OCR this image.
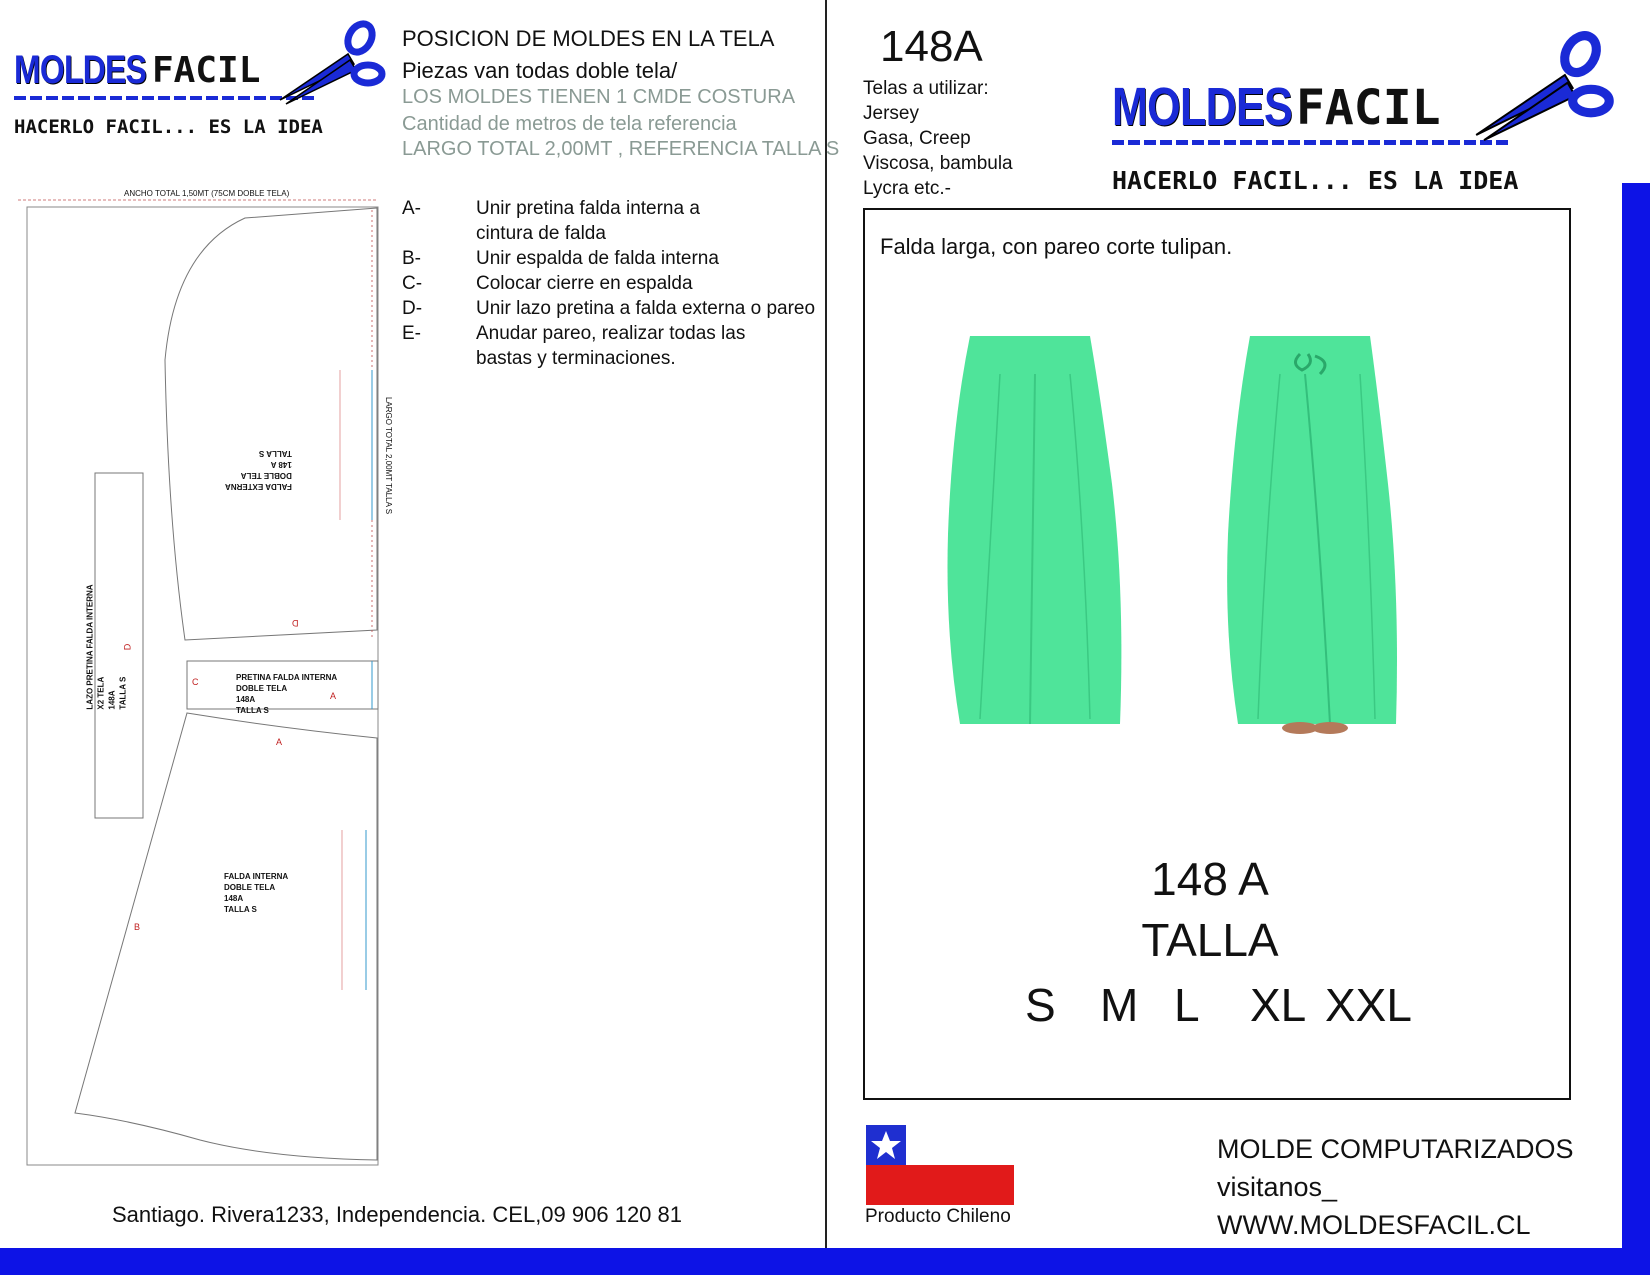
MOLDES FACIL
HACERLO FACIL... ES LA IDEA
POSICION DE MOLDES EN LA TELA
Piezas van todas doble tela/
LOS MOLDES TIENEN 1 CMDE COSTURA
Cantidad de metros de tela referencia
LARGO TOTAL 2,00MT , REFERENCIA TALLA S
A-	Unir pretina falda interna a
cintura de falda
B-	Unir espalda de falda interna
C-	Colocar cierre en espalda
D-	Unir lazo pretina a falda externa o pareo
E-	Anudar pareo, realizar todas las
bastas y terminaciones.
ANCHO TOTAL 1,50MT (75CM DOBLE TELA)
LARGO TOTAL 2,00MT TALLA S
FALDA EXTERNA
DOBLE TELA
148 A
TALLA S
LAZO PRETINA FALDA INTERNA X2 TELA 148A TALLA S	PRETINA FALDA INTERNA
DOBLE TELA
148A
TALLA S
FALDA INTERNA
DOBLE TELA
148A
TALLA S
D
D
C
A
A
B
Santiago. Rivera1233, Independencia. CEL,09 906 120 81
148A
Telas a utilizar:
Jersey
Gasa, Creep
Viscosa, bambula
Lycra etc.-
MOLDES FACIL
HACERLO FACIL... ES LA IDEA
Falda larga, con pareo corte tulipan.
148 A
TALLA
S M L XL XXL
Producto Chileno
MOLDE COMPUTARIZADOS
visitanos_
WWW.MOLDESFACIL.CL
